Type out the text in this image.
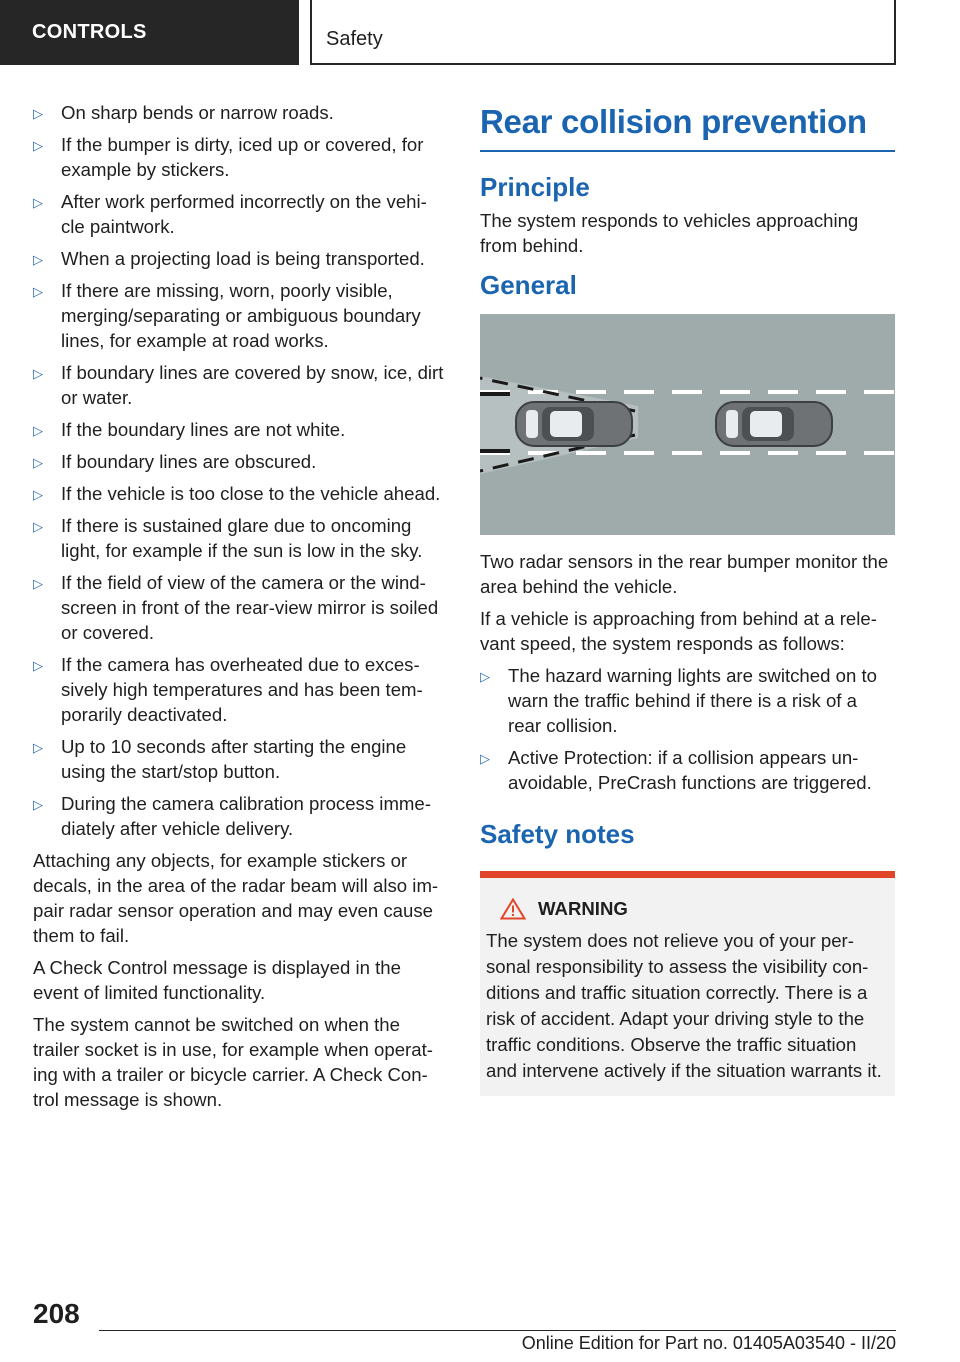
CONTROLS	Safety
▷ On sharp bends or narrow roads.
▷ If the bumper is dirty, iced up or covered, for example by stickers.
▷ After work performed incorrectly on the vehi‐cle paintwork.
▷ When a projecting load is being transported.
▷ If there are missing, worn, poorly visible, merging/separating or ambiguous boundary lines, for example at road works.
▷ If boundary lines are covered by snow, ice, dirt or water.
▷ If the boundary lines are not white.
▷ If boundary lines are obscured.
▷ If the vehicle is too close to the vehicle ahead.
▷ If there is sustained glare due to oncoming light, for example if the sun is low in the sky.
▷ If the field of view of the camera or the wind‐screen in front of the rear-view mirror is soiled or covered.
▷ If the camera has overheated due to exces‐sively high temperatures and has been tem‐porarily deactivated.
▷ Up to 10 seconds after starting the engine using the start/stop button.
▷ During the camera calibration process imme‐diately after vehicle delivery.

Attaching any objects, for example stickers or decals, in the area of the radar beam will also im‐pair radar sensor operation and may even cause them to fail.

A Check Control message is displayed in the event of limited functionality.

The system cannot be switched on when the trailer socket is in use, for example when operat‐ing with a trailer or bicycle carrier. A Check Con‐trol message is shown.

Rear collision prevention
Principle

The system responds to vehicles approaching from behind.

General

Two radar sensors in the rear bumper monitor the area behind the vehicle.

If a vehicle is approaching from behind at a rele‐vant speed, the system responds as follows:

▷ The hazard warning lights are switched on to warn the traffic behind if there is a risk of a rear collision.
▷ Active Protection: if a collision appears un‐avoidable, PreCrash functions are triggered.
Safety notes
WARNING
The system does not relieve you of your per‐sonal responsibility to assess the visibility con‐ditions and traffic situation correctly. There is a risk of accident. Adapt your driving style to the traffic conditions. Observe the traffic situation and intervene actively if the situation warrants it.
208
Online Edition for Part no. 01405A03540 - II/20
